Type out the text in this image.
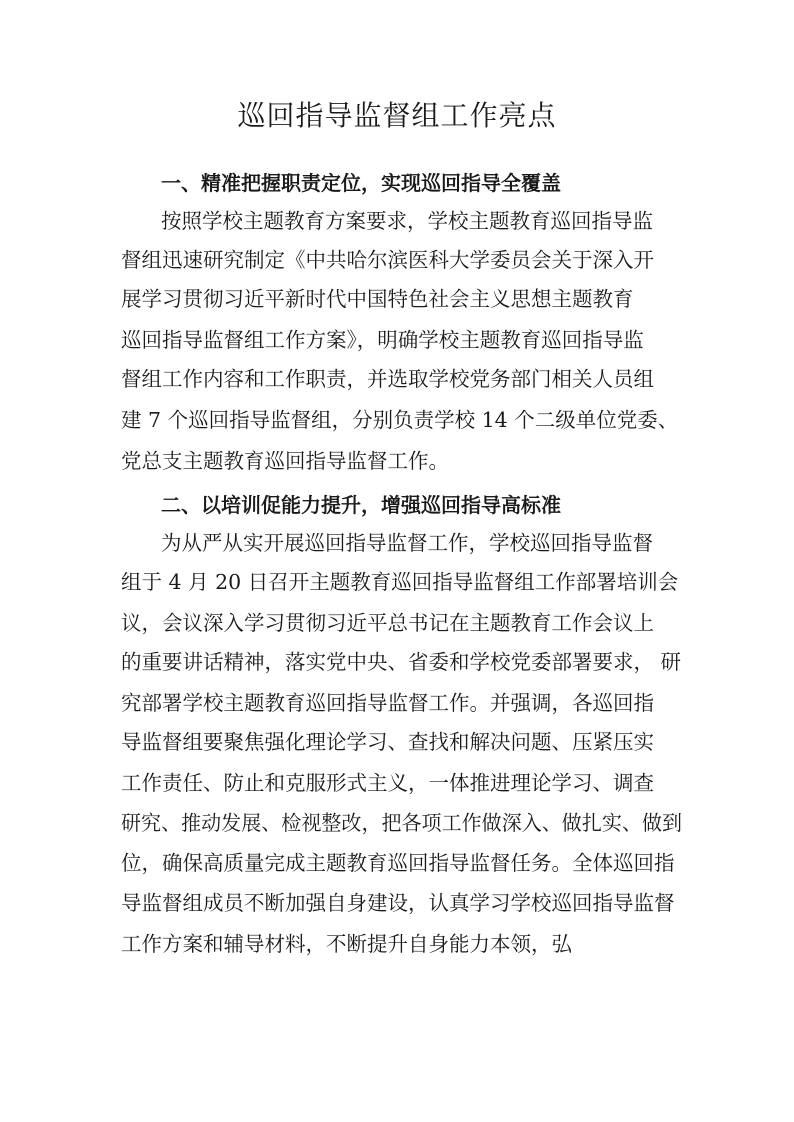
巡回指导监督组工作亮点
一、精准把握职责定位，实现巡回指导全覆盖
按照学校主题教育方案要求，学校主题教育巡回指导监
督组迅速研究制定《中共哈尔滨医科大学委员会关于深入开
展学习贯彻习近平新时代中国特色社会主义思想主题教育
巡回指导监督组工作方案》，明确学校主题教育巡回指导监
督组工作内容和工作职责，并选取学校党务部门相关人员组
建 7 个巡回指导监督组，分别负责学校 14 个二级单位党委、
党总支主题教育巡回指导监督工作。
二、以培训促能力提升，增强巡回指导高标准
为从严从实开展巡回指导监督工作，学校巡回指导监督
组于 4 月 20 日召开主题教育巡回指导监督组工作部署培训会
议，会议深入学习贯彻习近平总书记在主题教育工作会议上
的重要讲话精神，落实党中央、省委和学校党委部署要求， 研
究部署学校主题教育巡回指导监督工作。并强调，各巡回指
导监督组要聚焦强化理论学习、查找和解决问题、压紧压实
工作责任、防止和克服形式主义，一体推进理论学习、调查
研究、推动发展、检视整改，把各项工作做深入、做扎实、做到
位，确保高质量完成主题教育巡回指导监督任务。全体巡回指
导监督组成员不断加强自身建设，认真学习学校巡回指导监督
工作方案和辅导材料，不断提升自身能力本领，弘
